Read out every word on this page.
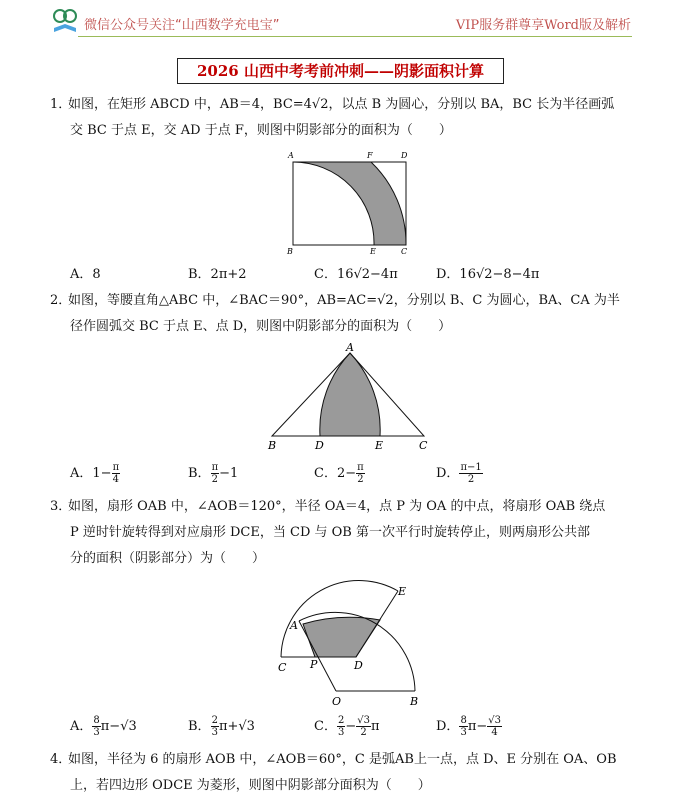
微信公众号关注“山西数学充电宝”	VIP服务群尊享Word版及解析
2026 山西中考考前冲刺——阴影面积计算
1．如图，在矩形 ABCD 中，AB＝4，BC=4√2，以点 B 为圆心，分别以 BA，BC 长为半径画弧
交 BC 于点 E，交 AD 于点 F，则图中阴影部分的面积为（　　）
A	F	D
B	E	C
A．8	B．2π+2	C．16√2−4π	D．16√2−8−4π
2．如图，等腰直角△ABC 中，∠BAC＝90°，AB=AC=√2，分别以 B、C 为圆心，BA、CA 为半
径作圆弧交 BC 于点 E、点 D，则图中阴影部分的面积为（　　）
A
B	D	E	C
A．$1- \frac{\pi}{4}$	B． $\frac{\pi}{2} -1$	C．$2- \frac{\pi}{2}$	D． $\frac{\pi-1}{2}$
3．如图，扇形 OAB 中，∠AOB＝120°，半径 OA＝4，点 P 为 OA 的中点，将扇形 OAB 绕点
P 逆时针旋转得到对应扇形 DCE，当 CD 与 OB 第一次平行时旋转停止，则两扇形公共部
分的面积（阴影部分）为（　　）
E
A
C P	D
O	B
A． $\frac{8}{3} \pi-√3$	B． $\frac{2}{3} \pi+√3$	C． $\frac{2}{3} - \frac{√3}{2}$ π	D． $\frac{8}{3} \pi- \frac{√3}{4}$
4．如图，半径为 6 的扇形 AOB 中，∠AOB＝60°，C 是弧AB上一点，点 D、E 分别在 OA、OB
上，若四边形 ODCE 为菱形，则图中阴影部分面积为（　　）
